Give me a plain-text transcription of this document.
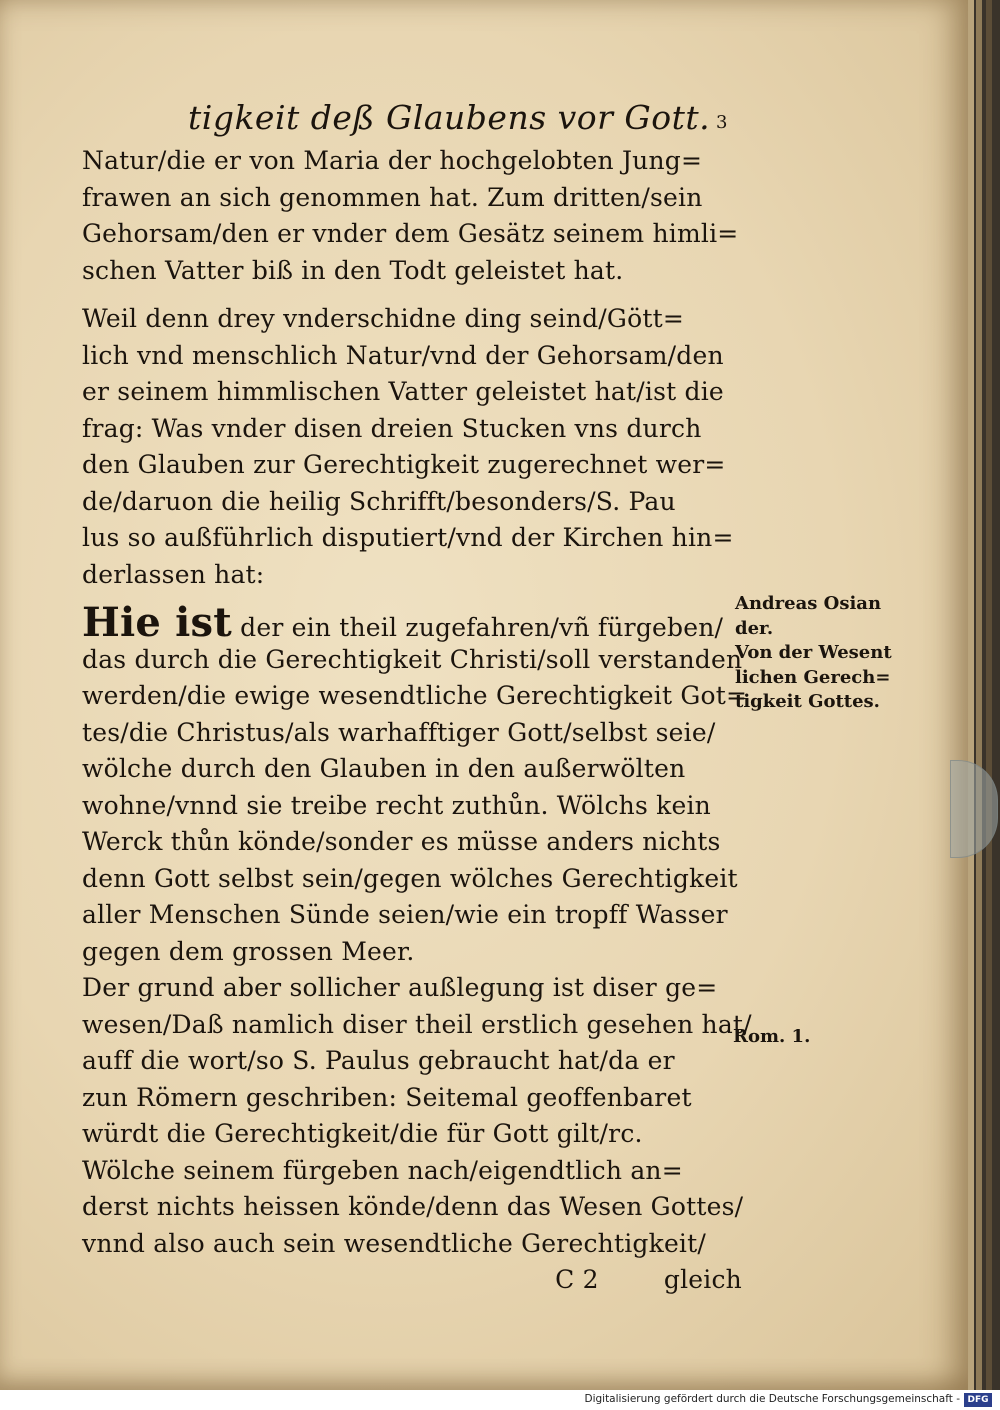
tigkeit deß Glaubens vor Gott. 3
Natur/die er von Maria der hochgelobten Jung=
frawen an sich genommen hat. Zum dritten/sein
Gehorsam/den er vnder dem Gesätz seinem himli=
schen Vatter biß in den Todt geleistet hat.
Weil denn drey vnderschidne ding seind/Gött=
lich vnd menschlich Natur/vnd der Gehorsam/den
er seinem himmlischen Vatter geleistet hat/ist die
frag: Was vnder disen dreien Stucken vns durch
den Glauben zur Gerechtigkeit zugerechnet wer=
de/daruon die heilig Schrifft/besonders/S. Pau
lus so außführlich disputiert/vnd der Kirchen hin=
derlassen hat:
Hie ist der ein theil zugefahren/vñ fürgeben/
das durch die Gerechtigkeit Christi/soll verstanden
werden/die ewige wesendtliche Gerechtigkeit Got=
tes/die Christus/als warhafftiger Gott/selbst seie/
wölche durch den Glauben in den außerwölten
wohne/vnnd sie treibe recht zuthůn. Wölchs kein
Werck thůn könde/sonder es müsse anders nichts
denn Gott selbst sein/gegen wölches Gerechtigkeit
aller Menschen Sünde seien/wie ein tropff Wasser
gegen dem grossen Meer.
Der grund aber sollicher außlegung ist diser ge=
wesen/Daß namlich diser theil erstlich gesehen hat/
auff die wort/so S. Paulus gebraucht hat/da er
zun Römern geschriben: Seitemal geoffenbaret
würdt die Gerechtigkeit/die für Gott gilt/rc.
Wölche seinem fürgeben nach/eigendtlich an=
derst nichts heissen könde/denn das Wesen Gottes/
vnnd also auch sein wesendtliche Gerechtigkeit/
C 2        gleich
Andreas Osian
der.
Von der Wesent
lichen Gerech=
tigkeit Gottes.
Rom. 1.
Digitalisierung gefördert durch die Deutsche Forschungsgemeinschaft - DFG
